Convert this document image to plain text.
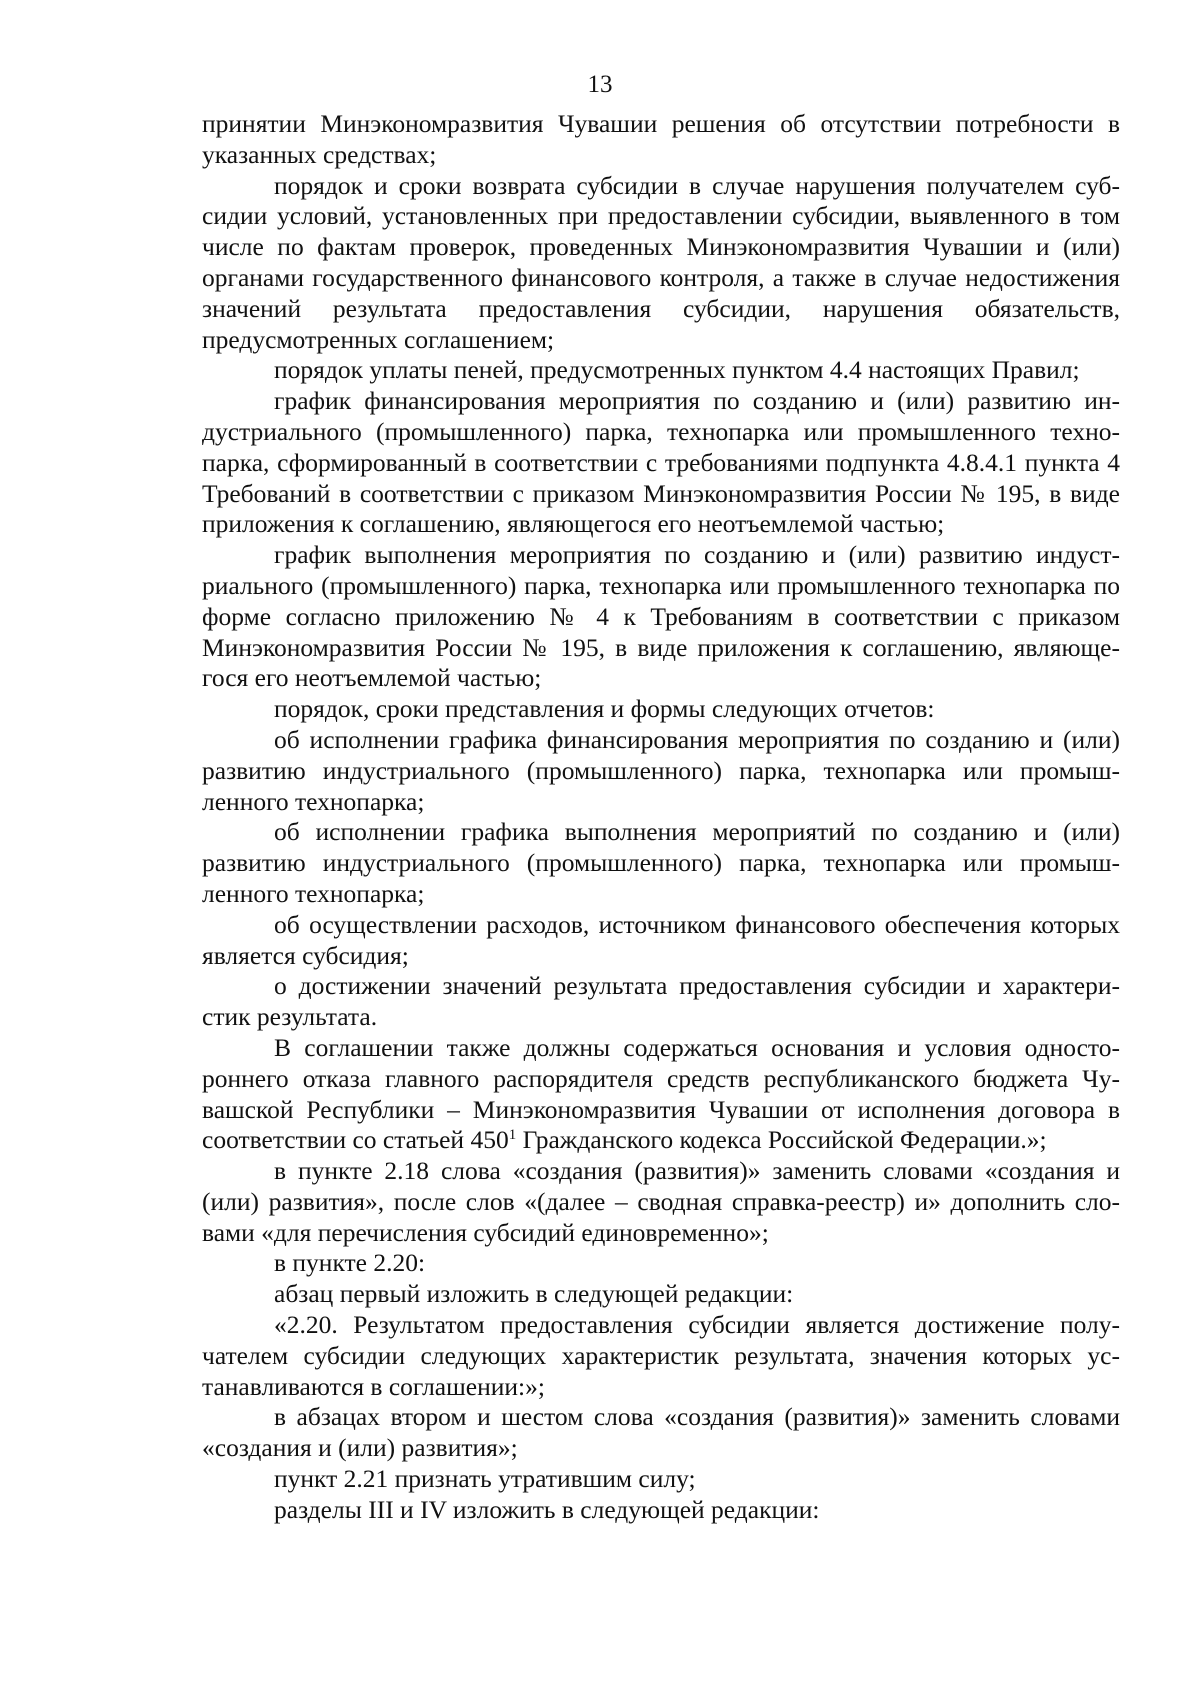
13

принятии Минэкономразвития Чувашии решения об отсутствии потребности в указанных средствах;

порядок и сроки возврата субсидии в случае нарушения получателем субсидии условий, установленных при предоставлении субсидии, выявленного в том числе по фактам проверок, проведенных Минэкономразвития Чувашии и (или) органами государственного финансового контроля, а также в случае недостижения значений результата предоставления субсидии, нарушения обязательств, предусмотренных соглашением;

порядок уплаты пеней, предусмотренных пунктом 4.4 настоящих Правил;

график финансирования мероприятия по созданию и (или) развитию индустриального (промышленного) парка, технопарка или промышленного технопарка, сформированный в соответствии с требованиями подпункта 4.8.4.1 пункта 4 Требований в соответствии с приказом Минэкономразвития России № 195, в виде приложения к соглашению, являющегося его неотъемлемой частью;

график выполнения мероприятия по созданию и (или) развитию индустриального (промышленного) парка, технопарка или промышленного технопарка по форме согласно приложению № 4 к Требованиям в соответствии с приказом Минэкономразвития России № 195, в виде приложения к соглашению, являющегося его неотъемлемой частью;

порядок, сроки представления и формы следующих отчетов:

об исполнении графика финансирования мероприятия по созданию и (или) развитию индустриального (промышленного) парка, технопарка или промышленного технопарка;

об исполнении графика выполнения мероприятий по созданию и (или) развитию индустриального (промышленного) парка, технопарка или промышленного технопарка;

об осуществлении расходов, источником финансового обеспечения которых является субсидия;

о достижении значений результата предоставления субсидии и характеристик результата.

В соглашении также должны содержаться основания и условия одностороннего отказа главного распорядителя средств республиканского бюджета Чувашской Республики – Минэкономразвития Чувашии от исполнения договора в соответствии со статьей $450^1$ Гражданского кодекса Российской Федерации.»;

в пункте 2.18 слова «создания (развития)» заменить словами «создания и (или) развития», после слов «(далее – сводная справка-реестр) и» дополнить словами «для перечисления субсидий единовременно»;

в пункте 2.20:

абзац первый изложить в следующей редакции:

«2.20. Результатом предоставления субсидии является достижение получателем субсидии следующих характеристик результата, значения которых устанавливаются в соглашении:»;

в абзацах втором и шестом слова «создания (развития)» заменить словами «создания и (или) развития»;

пункт 2.21 признать утратившим силу;

разделы III и IV изложить в следующей редакции:
